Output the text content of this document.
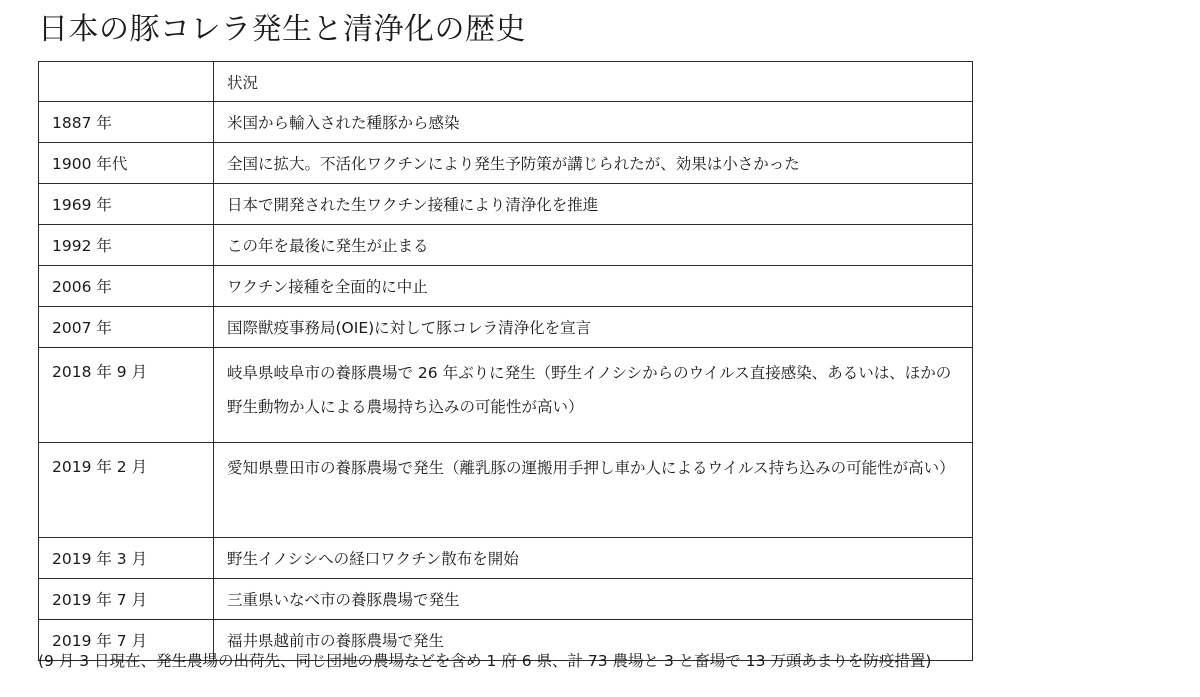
日本の豚コレラ発生と清浄化の歴史
	状況
1887 年	米国から輸入された種豚から感染
1900 年代	全国に拡大。不活化ワクチンにより発生予防策が講じられたが、効果は小さかった
1969 年	日本で開発された生ワクチン接種により清浄化を推進
1992 年	この年を最後に発生が止まる
2006 年	ワクチン接種を全面的に中止
2007 年	国際獣疫事務局(OIE)に対して豚コレラ清浄化を宣言
2018 年 9 月	岐阜県岐阜市の養豚農場で 26 年ぶりに発生（野生イノシシからのウイルス直接感染、あるいは、ほかの野生動物か人による農場持ち込みの可能性が高い）
2019 年 2 月	愛知県豊田市の養豚農場で発生（離乳豚の運搬用手押し車か人によるウイルス持ち込みの可能性が高い）
2019 年 3 月	野生イノシシへの経口ワクチン散布を開始
2019 年 7 月	三重県いなべ市の養豚農場で発生
2019 年 7 月	福井県越前市の養豚農場で発生
(9 月 3 日現在、発生農場の出荷先、同じ団地の農場などを含め 1 府 6 県、計 73 農場と 3 と畜場で 13 万頭あまりを防疫措置)
